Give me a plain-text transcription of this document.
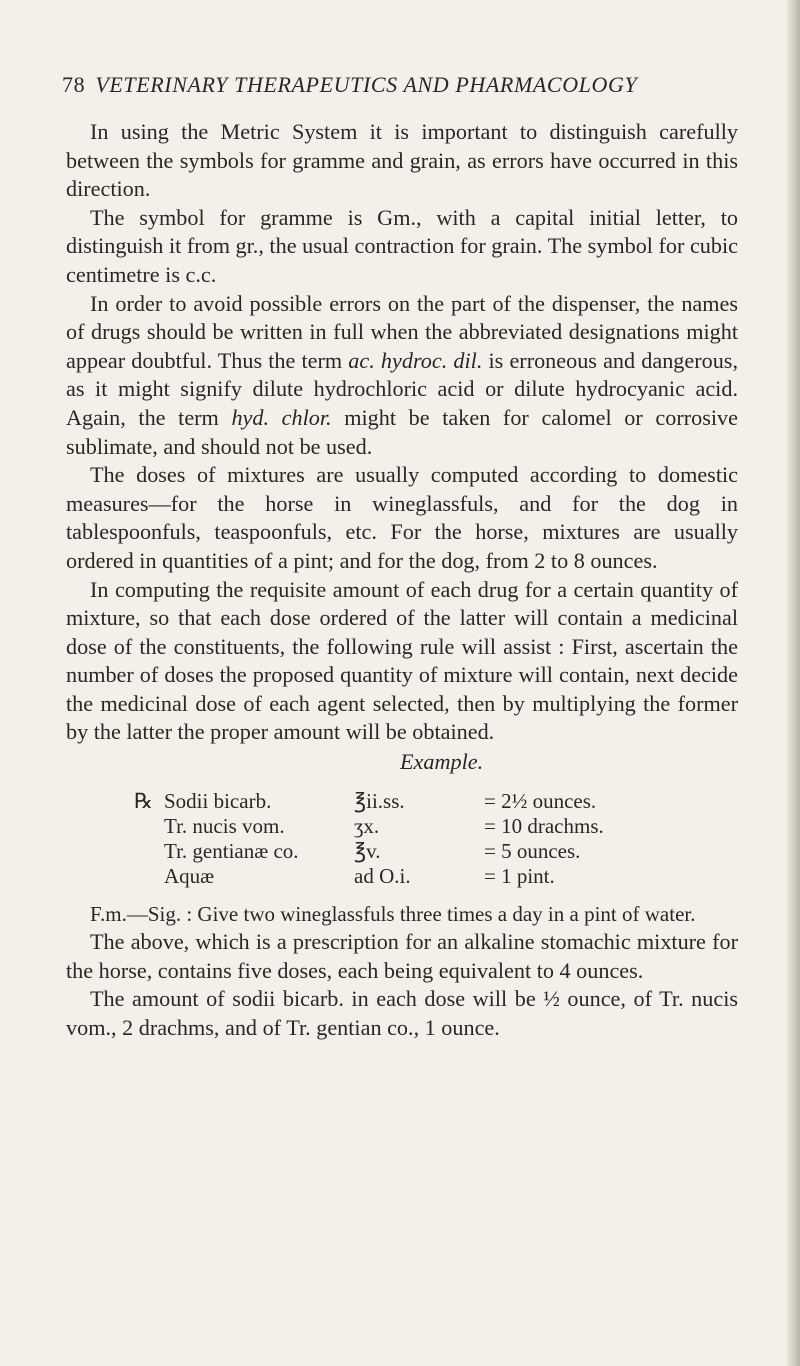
78 VETERINARY THERAPEUTICS AND PHARMACOLOGY

In using the Metric System it is important to distinguish carefully between the symbols for gramme and grain, as errors have occurred in this direction.

The symbol for gramme is Gm., with a capital initial letter, to distinguish it from gr., the usual contraction for grain. The symbol for cubic centimetre is c.c.

In order to avoid possible errors on the part of the dispenser, the names of drugs should be written in full when the abbreviated designations might appear doubtful. Thus the term ac. hydroc. dil. is erroneous and dangerous, as it might signify dilute hydrochloric acid or dilute hydrocyanic acid. Again, the term hyd. chlor. might be taken for calomel or corrosive sublimate, and should not be used.

The doses of mixtures are usually computed according to domestic measures—for the horse in wineglassfuls, and for the dog in tablespoonfuls, teaspoonfuls, etc. For the horse, mixtures are usually ordered in quantities of a pint; and for the dog, from 2 to 8 ounces.

In computing the requisite amount of each drug for a certain quantity of mixture, so that each dose ordered of the latter will contain a medicinal dose of the constituents, the following rule will assist : First, ascertain the number of doses the proposed quantity of mixture will contain, next decide the medicinal dose of each agent selected, then by multiplying the former by the latter the proper amount will be obtained.

Example.

℞ Sodii bicarb.	℥ii.ss.	= 2½ ounces.
Tr. nucis vom.	ʒx.	= 10 drachms.
Tr. gentianæ co.	℥v.	= 5 ounces.
Aquæ	ad O.i.	= 1 pint.

F.m.—Sig. : Give two wineglassfuls three times a day in a pint of water.

The above, which is a prescription for an alkaline stomachic mixture for the horse, contains five doses, each being equivalent to 4 ounces.

The amount of sodii bicarb. in each dose will be ½ ounce, of Tr. nucis vom., 2 drachms, and of Tr. gentian co., 1 ounce.
